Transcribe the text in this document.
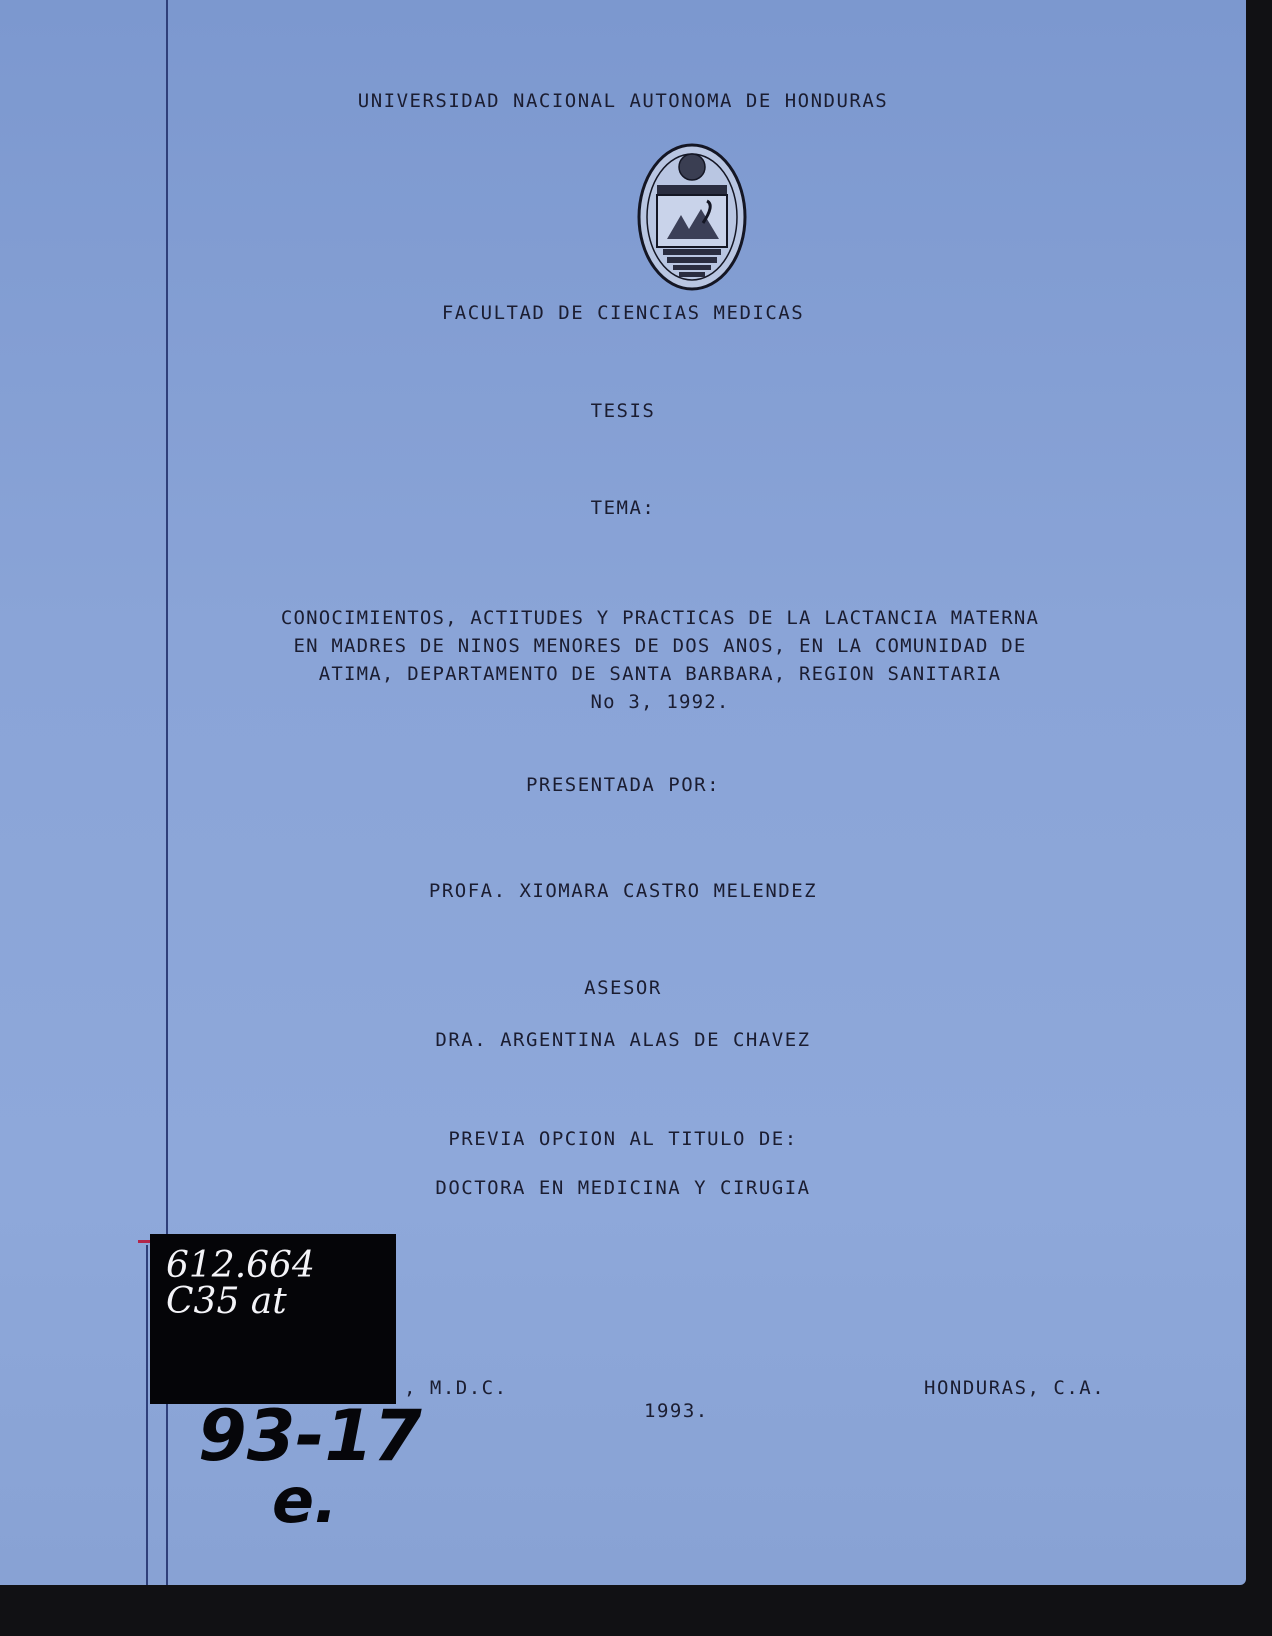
UNIVERSIDAD NACIONAL AUTONOMA DE HONDURAS
FACULTAD DE CIENCIAS MEDICAS
TESIS
TEMA:
CONOCIMIENTOS, ACTITUDES Y PRACTICAS DE LA LACTANCIA MATERNA
EN MADRES DE NINOS MENORES DE DOS ANOS, EN LA COMUNIDAD DE
ATIMA, DEPARTAMENTO DE SANTA BARBARA, REGION SANITARIA
No 3, 1992.
PRESENTADA POR:
PROFA. XIOMARA CASTRO MELENDEZ
ASESOR
DRA. ARGENTINA ALAS DE CHAVEZ
PREVIA OPCION AL TITULO DE:
DOCTORA EN MEDICINA Y CIRUGIA
, M.D.C.
1993.
HONDURAS, C.A.
612.664
C35 at
93-17
e.
